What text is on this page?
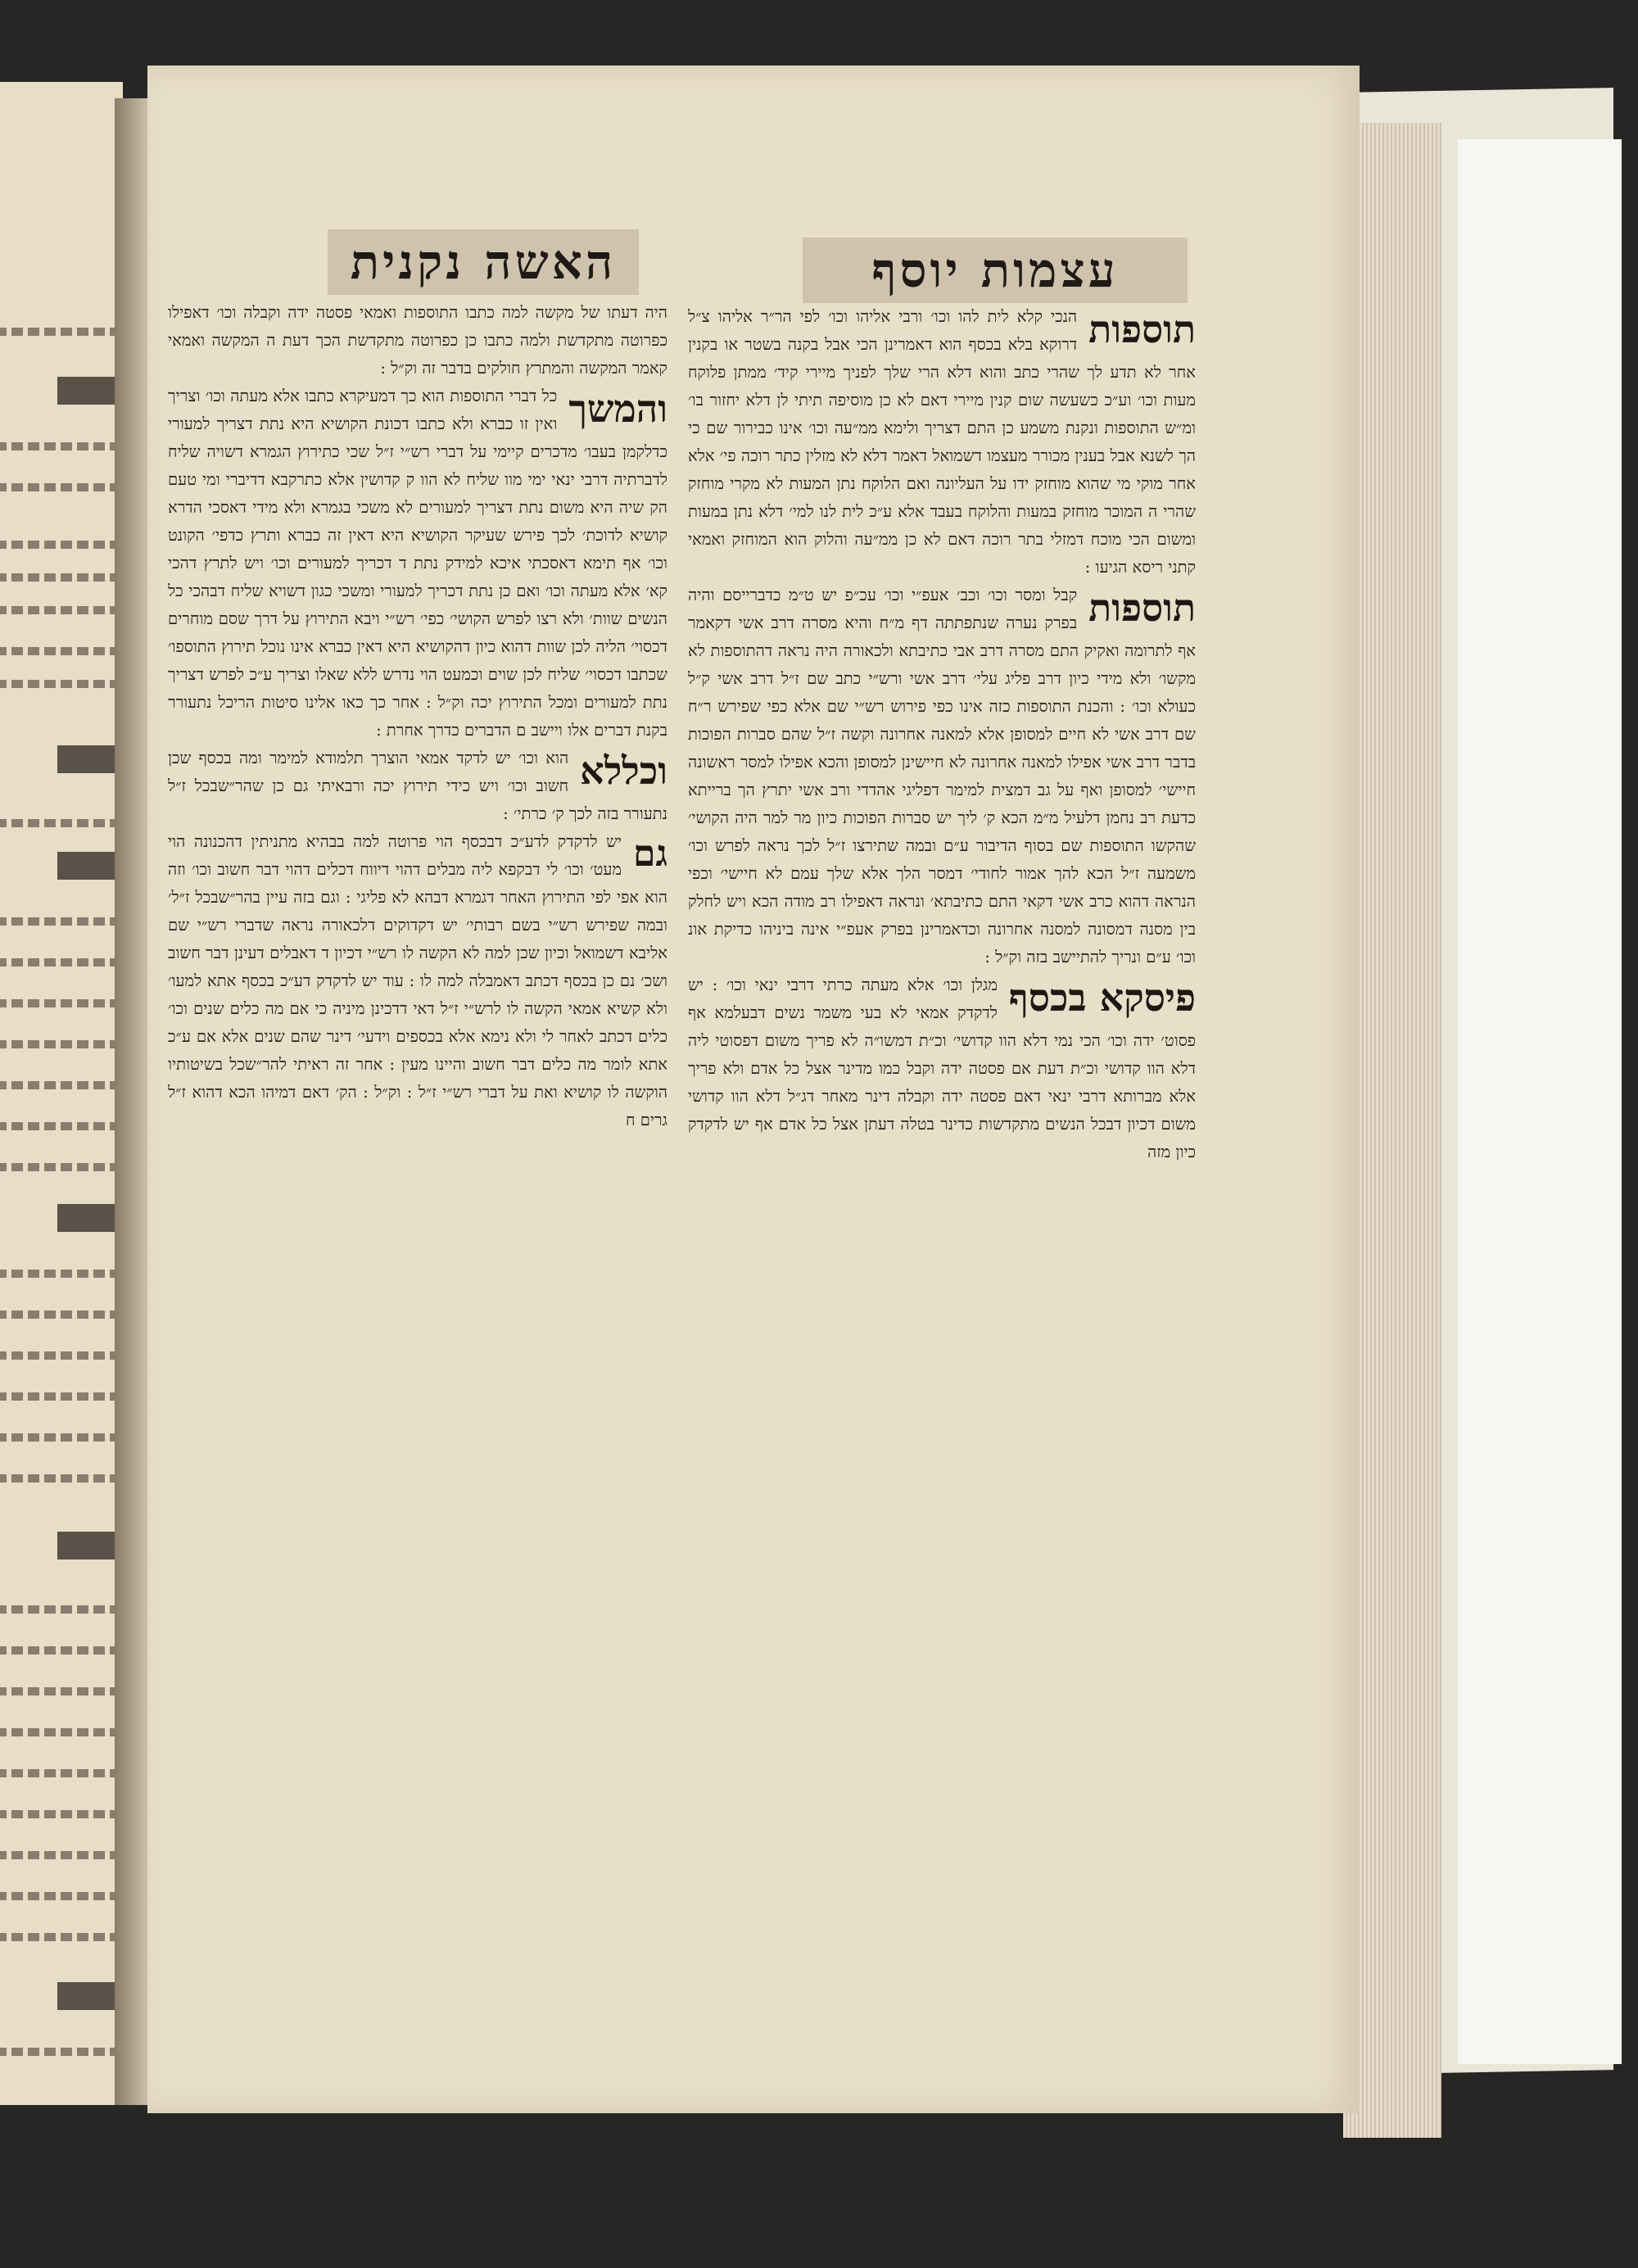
עצמות יוסף
האשה נקנית

תוספות
הנכי קלא לית להו וכו׳ ורבי אליהו וכו׳ לפי הר״ר אליהו צ״ל דרוקא בלא בכסף הוא דאמרינן הכי אבל בקנה בשטר או בקנין אחר לא תדע לך שהרי כתב והוא דלא הרי שלך לפניך מיירי קיד׳ ממתן פלוקח מעות וכו׳ וע״כ כשעשה שום קנין מיירי דאם לא כן מוסיפה תיתי לן דלא יחזור בו׳ ומ״ש התוספות ונקנת משמע כן התם דצריך ולימא ממ״עה וכו׳ אינו כבירור שם כי הך לשנא אבל בענין מכורר מעצמו דשמואל דאמר דלא לא מזלין כתר רוכה פי׳ אלא אחר מוקי מי שהוא מוחזק ידו על העליונה ואם הלוקח נתן המעות לא מקרי מוחזק שהרי ה המוכר מוחזק במעות והלוקח בעבד אלא ע״כ לית לנו למי׳ דלא נתן במעות ומשום הכי מוכח דמזלי בתר רוכה דאם לא כן ממ״עה והלוק הוא המוחזק ואמאי קתני ריסא הגיעו :

תוספות
קבל ומסר וכו׳ וכב׳ אעפ״י וכו׳ עכ״פ יש ט״מ כדברייסם והיה בפרק נערה שנתפתתה דף מ״ח והיא מסרה דרב אשי דקאמר אף לתרומה ואקיק התם מסרה דרב אבי כתיבתא ולכאורה היה נראה דהתוספות לא מקשו׳ ולא מידי כיון דרב פליג עלי׳ דרב אשי ורש״י כתב שם ז״ל דרב אשי ק״ל כעולא וכו׳ : והכנת התוספות כזה אינו כפי פירוש רש״י שם אלא כפי שפירש ר״ח שם דרב אשי לא חיים למסופן אלא למאנה אחרונה וקשה ז״ל שהם סברות הפוכות בדבר דרב אשי אפילו למאנה אחרונה לא חיישינן למסופן והכא אפילו למסר ראשונה חיישי׳ למסופן ואף על גב דמצית למימר דפליגי אהדדי ורב אשי יתרץ הך ברייתא כדעת רב נחמן דלעיל מ״מ הכא ק׳ ליך יש סברות הפוכות כיון מר למר היה הקושי׳ שהקשו התוספות שם בסוף הדיבור ע״ם ובמה שתירצו ז״ל לכך נראה לפרש וכו׳ משמעה ז״ל הכא להך אמור לחודי׳ דמסר הלך אלא שלך עמם לא חיישי׳ וכפי הנראה דהוא כרב אשי דקאי התם כתיבתא׳ ונראה דאפילו רב מודה הכא ויש לחלק בין מסנה דמסונה למסנה אחרונה וכדאמרינן בפרק אעפ״י אינה ביניהו כדיקת אונ וכו׳ ע״ם ונריך להתיישב בזה וק״ל :

פיסקא בכסף
מגלן וכו׳ אלא מעתה כרתי דרבי ינאי וכו׳ : יש לדקדק אמאי לא בעי משמר נשים דבעלמא אף פסוט׳ ידה וכו׳ הכי נמי דלא הוו קדושי׳ וכ״ת דמשו״ה לא פריך משום דפסוטי ליה דלא הוו קדושי וכ״ת דעת אם פסטה ידה וקבל כמו מדינר אצל כל אדם ולא פריך אלא מברותא דרבי ינאי דאם פסטה ידה וקבלה דינר מאחר דג״ל דלא הוו קדושי משום דכיון דבכל הנשים מתקדשות כדינר בטלה דעתן אצל כל אדם אף יש לדקדק כיון מזה

היה דעתו של מקשה למה כתבו התוספות ואמאי פסטה ידה וקבלה וכו׳ דאפילו כפרוטה מתקדשת ולמה כתבו כן כפרוטה מתקדשת הכך דעת ה המקשה ואמאי קאמר המקשה והמתרץ חולקים בדבר זה וק״ל :

והמשך
כל דברי התוספות הוא כך דמעיקרא כתבו אלא מעתה וכו׳ וצריך ואין זו כברא ולא כתבו דכונת הקושיא היא נתת דצריך למעורי כדלקמן בעבו׳ מדכרים קיימי על דברי רש״י ז״ל שכי כתירוץ הגמרא דשויה שליח לדברתיה דרבי ינאי ימי מוו שליח לא הוו ק קדושין אלא כתרקבא דדיברי ומי טעם הק שיה היא משום נתת דצריך למעורים לא משכי בגמרא ולא מידי דאסכי הדרא קושיא לדוכת׳ לכך פירש שעיקר הקושיא היא דאין זה כברא ותרץ כדפי׳ הקונט וכו׳ אף תימא דאסכתי איכא למידק נתת ד דכריך למעורים וכו׳ ויש לתרץ דהכי קא׳ אלא מעתה וכו׳ ואם כן נתת דכריך למעורי ומשכי כגון דשויא שליח דבהכי כל הנשים שוות׳ ולא רצו לפרש הקושי׳ כפי׳ רש״י ויבא התירוץ על דרך שסם מוחרים דכסוי׳ הליה לכן שוות דהוא כיון דהקושיא היא דאין כברא אינו נוכל תירוץ התוספו׳ שכתבו דכסוי׳ שליח לכן שוים וכמעט הוי נדרש ללא שאלו וצריך ע״כ לפרש דצריך נתת למעורים ומכל התירוץ יכה וק״ל : אחר כך כאו אלינו סיטות הריכל נתעורר בקנת דברים אלו ויישב ם הדברים כדרך אחרת :

וכללא
הוא וכו׳ יש לדקד אמאי הוצרך תלמודא למימר ומה בכסף שכן חשוב וכו׳ ויש כידי תירוץ יכה ורבאיתי גם כן שהר״שבכל ז״ל נתעורר בזה לכך ק׳ כרתי׳ :

גם
יש לדקדק לדע״כ דבכסף הוי פרוטה למה בבהיא מתניתין דהכנונה הוי מעט׳ וכו׳ לי דבקפא ליה מבלים דהוי דיווח דכלים דהוי דבר חשוב וכו׳ וזה הוא אפי לפי התירוץ האחר דגמרא דבהא לא פליגי : וגם בזה עיין בהר״שבכל ז״ל׳ ובמה שפירש רש״י בשם רבותי׳ יש דקדוקים דלכאורה נראה שדברי רש״י שם אליבא דשמואל וכיון שכן למה לא הקשה לו רש״י דכיון ד דאבלים דעינן דבר חשוב ושכ׳ נם כן בכסף דכתב דאמבלה למה לו : עוד יש לדקדק דע״כ בכסף אתא למעו׳ ולא קשיא אמאי הקשה לו לרש״י ז״ל דאי דדכינן מיניה כי אם מה כלים שנים וכו׳ כלים דכתב לאחר לי ולא נימא אלא בכספים וידעי׳ דינר שהם שנים אלא אם ע״כ אתא לומר מה כלים דבר חשוב והיינו מעין : אחר זה ראיתי להר״שכל בשיטותיו הוקשה לו קושיא ואת על דברי רש״י ז״ל : וק״ל : הק׳ דאם דמיהו הכא דהוא ז״ל גרים ח
